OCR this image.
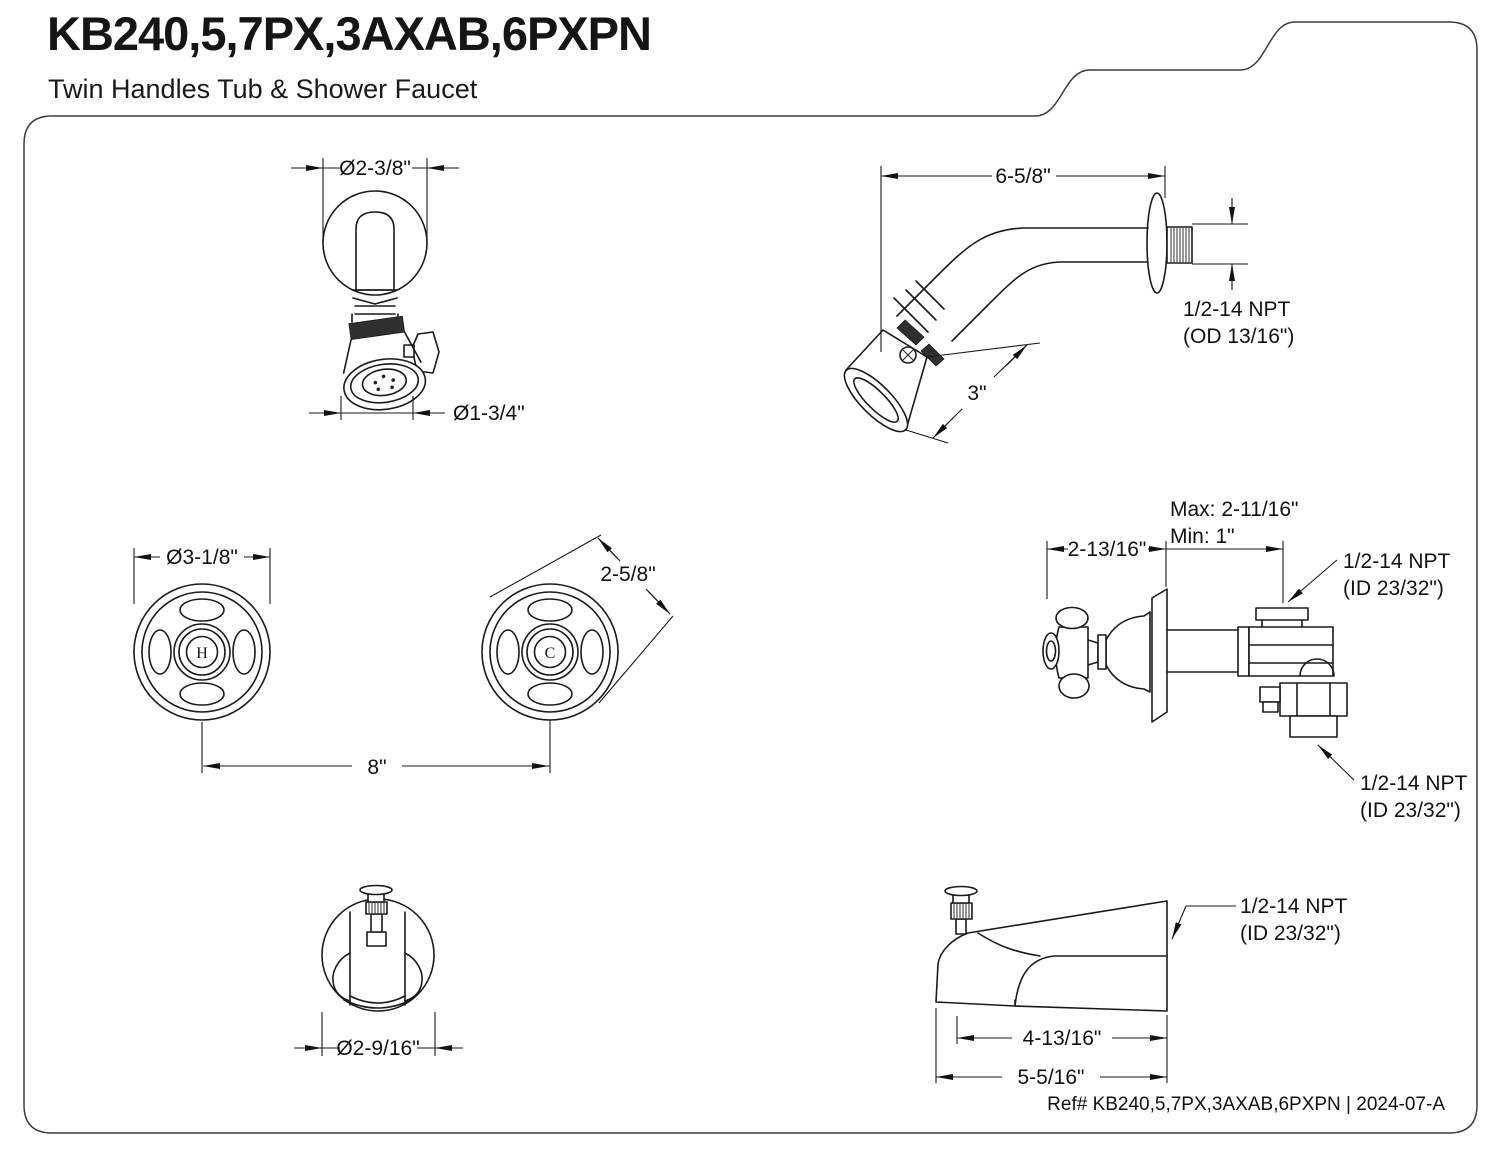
KB240,5,7PX,3AXAB,6PXPN
Twin Handles Tub & Shower Faucet
Ø2-3/8"
Ø1-3/4"
6-5/8"
1/2-14 NPT
(OD 13/16")
3"
H	C
Ø3-1/8"
2-5/8"
8"
2-13/16"
Max: 2-11/16"
Min: 1"
1/2-14 NPT
(ID 23/32")
1/2-14 NPT
(ID 23/32")
Ø2-9/16"
1/2-14 NPT
(ID 23/32")
4-13/16"
5-5/16"
Ref# KB240,5,7PX,3AXAB,6PXPN | 2024-07-A
